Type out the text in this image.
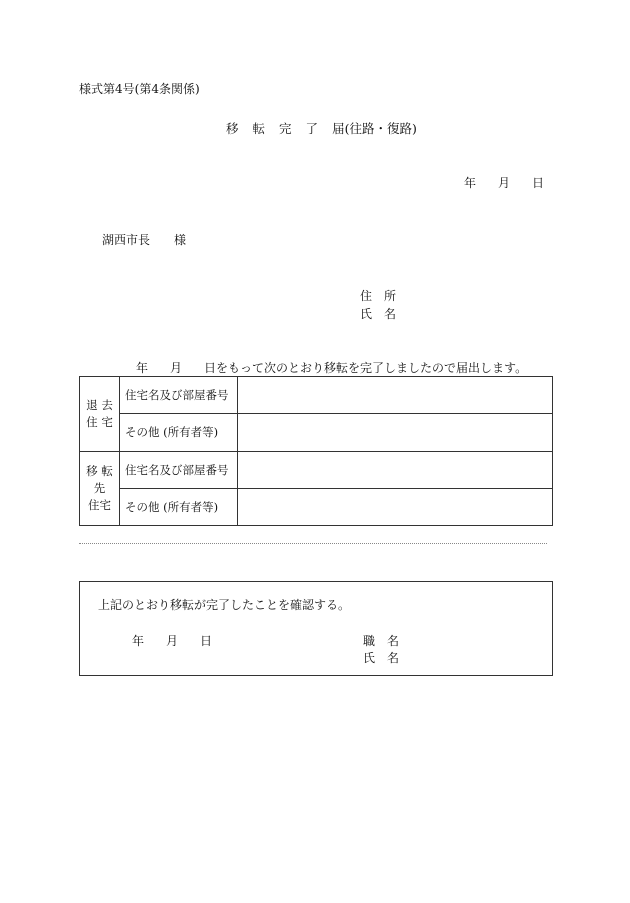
様式第4号(第4条関係)
移 転 完 了 届(往路・復路)
年 月 日
湖西市長　　様
住　所
氏　名
年 月 日をもって次のとおり移転を完了しましたので届出します。
退 去
住 宅	住宅名及び部屋番号	
	その他 (所有者等)	

移 転
先
住宅	住宅名及び部屋番号	
	その他 (所有者等)	
上記のとおり移転が完了したことを確認する。
年 月 日	職　名
氏　名
